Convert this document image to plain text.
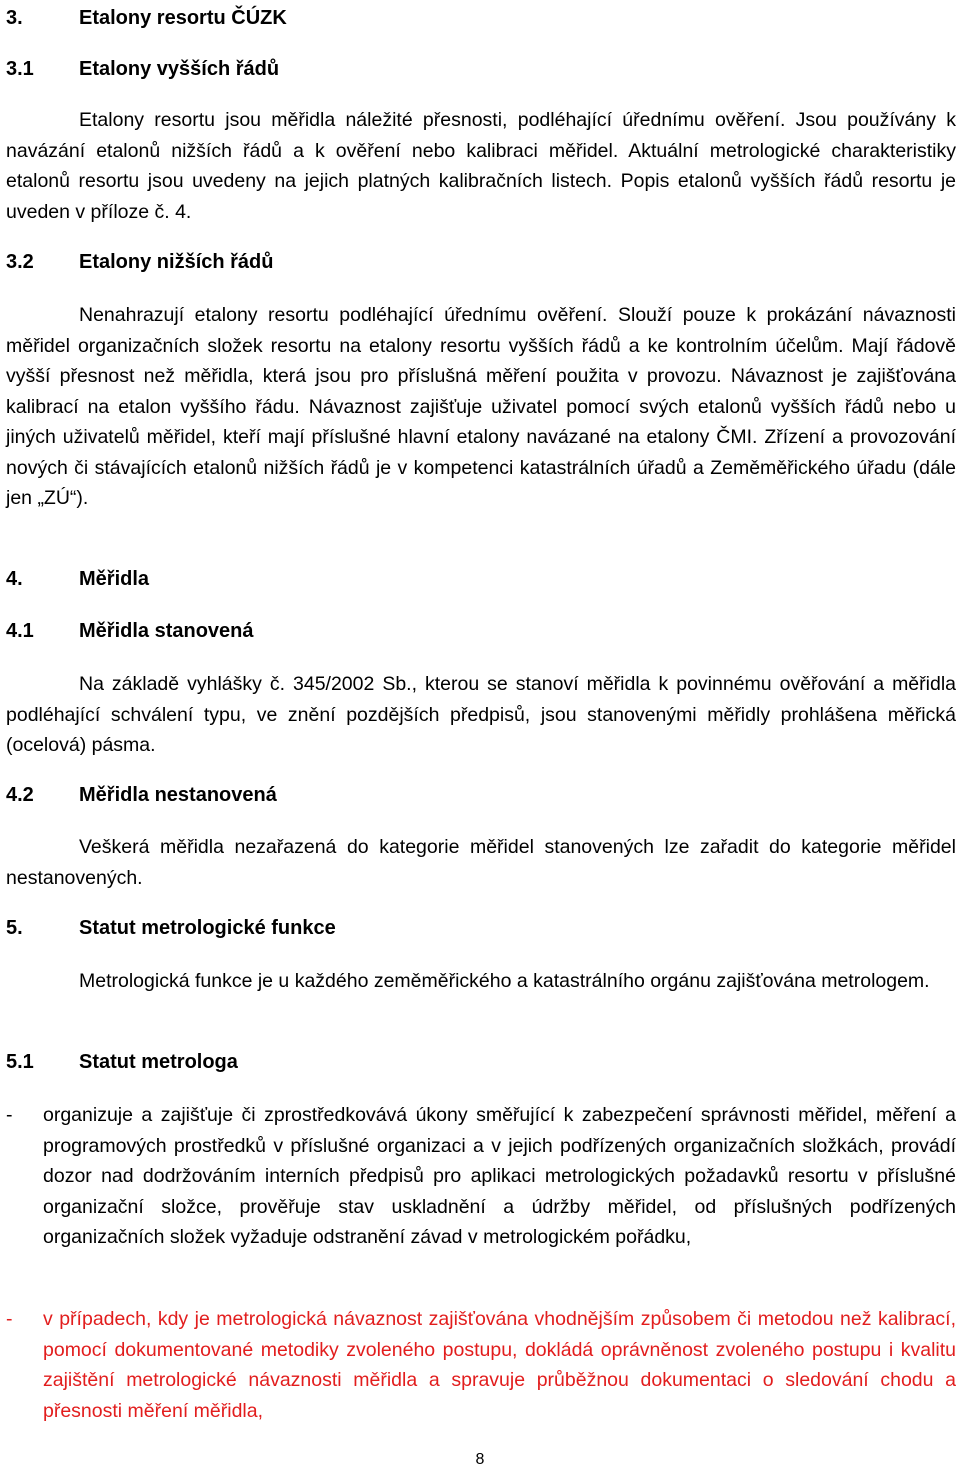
3.	Etalony resortu ČÚZK
3.1 Etalony vyšších řádů

Etalony resortu jsou měřidla náležité přesnosti, podléhající úřednímu ověření. Jsou používány k navázání etalonů nižších řádů a k ověření nebo kalibraci měřidel. Aktuální metrologické charakteristiky etalonů resortu jsou uvedeny na jejich platných kalibračních listech. Popis etalonů vyšších řádů resortu je uveden v příloze č. 4.

3.2 Etalony nižších řádů

Nenahrazují etalony resortu podléhající úřednímu ověření. Slouží pouze k prokázání návaznosti měřidel organizačních složek resortu na etalony resortu vyšších řádů a ke kontrolním účelům. Mají řádově vyšší přesnost než měřidla, která jsou pro příslušná měření použita v provozu. Návaznost je zajišťována kalibrací na etalon vyššího řádu. Návaznost zajišťuje uživatel pomocí svých etalonů vyšších řádů nebo u jiných uživatelů měřidel, kteří mají příslušné hlavní etalony navázané na etalony ČMI. Zřízení a provozování nových či stávajících etalonů nižších řádů je v kompetenci katastrálních úřadů a Zeměměřického úřadu (dále jen „ZÚ“).

4.	Měřidla
4.1 Měřidla stanovená

Na základě vyhlášky č. 345/2002 Sb., kterou se stanoví měřidla k povinnému ověřování a měřidla podléhající schválení typu, ve znění pozdějších předpisů, jsou stanovenými měřidly prohlášena měřická (ocelová) pásma.

4.2 Měřidla nestanovená

Veškerá měřidla nezařazená do kategorie měřidel stanovených lze zařadit do kategorie měřidel nestanovených.

5.	Statut metrologické funkce

Metrologická funkce je u každého zeměměřického a katastrálního orgánu zajišťována metrologem.

5.1 Statut metrologa
- organizuje a zajišťuje či zprostředkovává úkony směřující k zabezpečení správnosti měřidel, měření a programových prostředků v příslušné organizaci a v jejich podřízených organizačních složkách, provádí dozor nad dodržováním interních předpisů pro aplikaci metrologických požadavků resortu v příslušné organizační složce, prověřuje stav uskladnění a údržby měřidel, od příslušných podřízených organizačních složek vyžaduje odstranění závad v metrologickém pořádku,
- v případech, kdy je metrologická návaznost zajišťována vhodnějším způsobem či metodou než kalibrací, pomocí dokumentované metodiky zvoleného postupu, dokládá oprávněnost zvoleného postupu i kvalitu zajištění metrologické návaznosti měřidla a spravuje průběžnou dokumentaci o sledování chodu a přesnosti měření měřidla,
8
